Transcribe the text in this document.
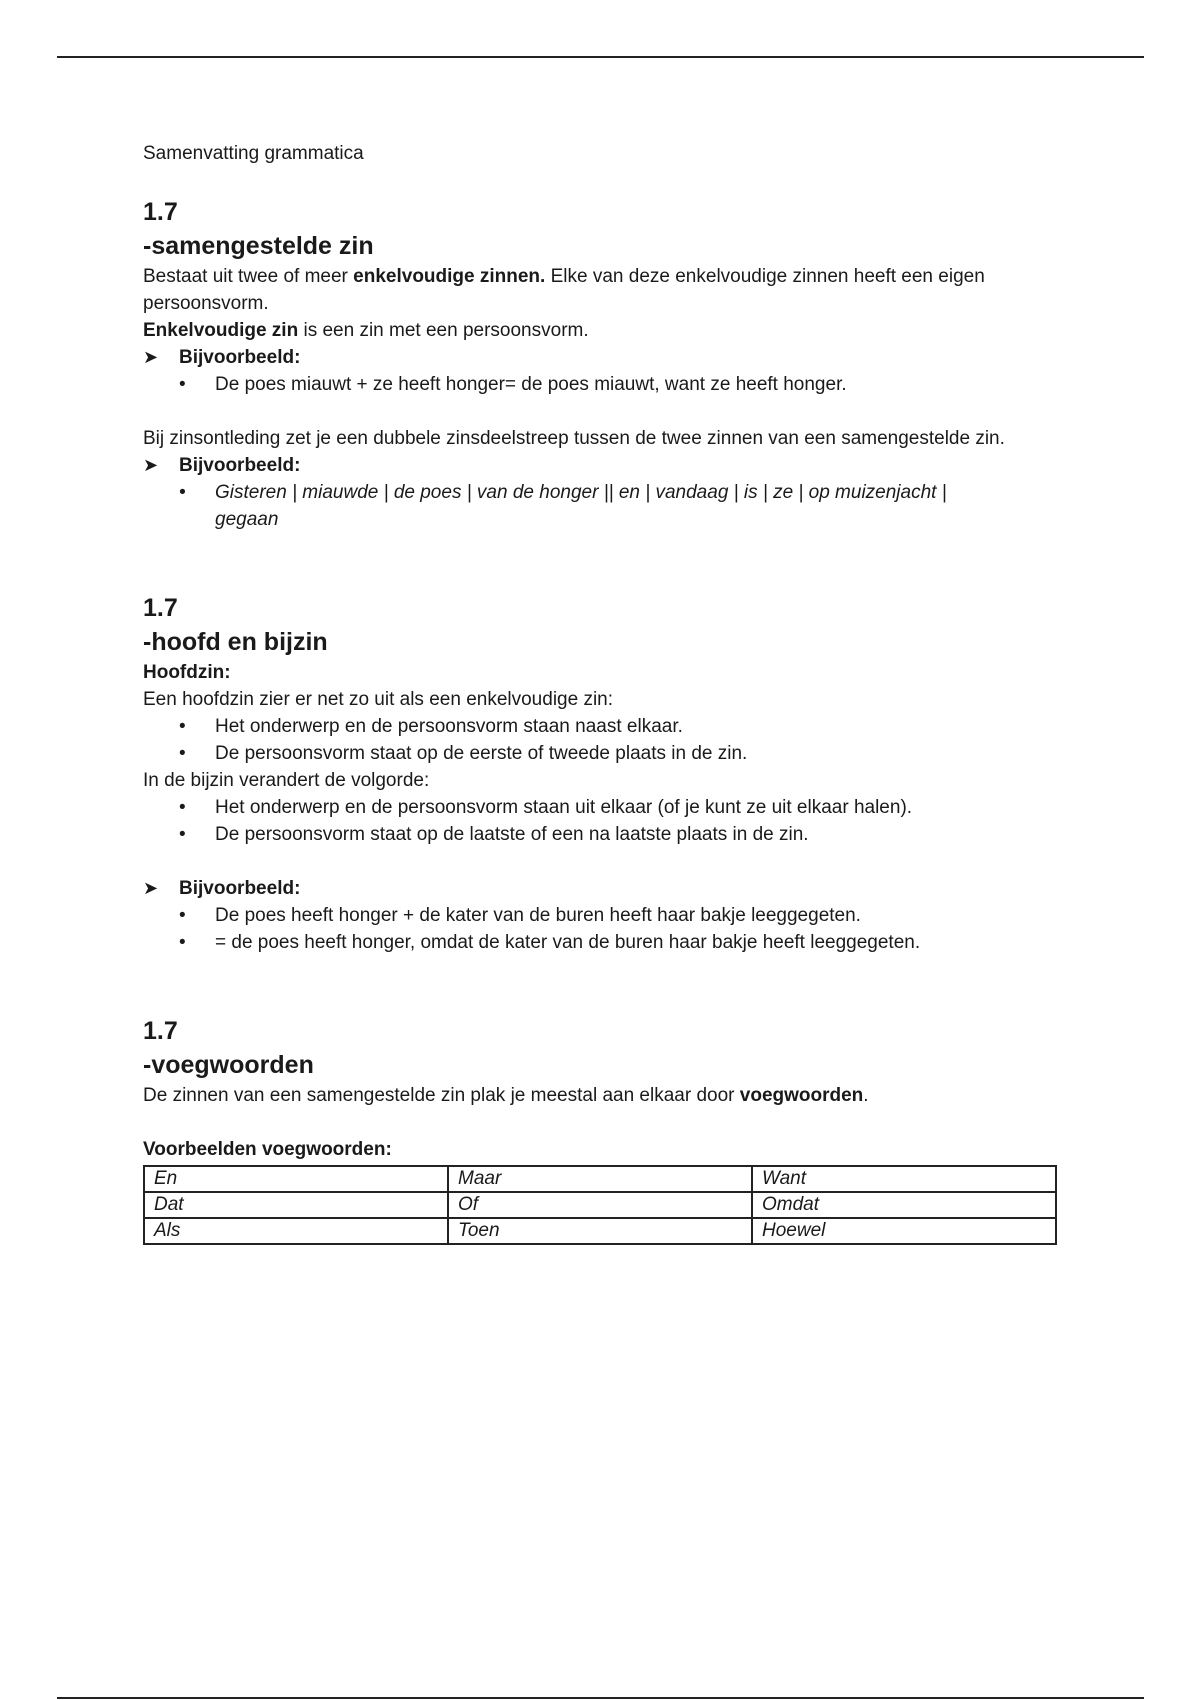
Samenvatting grammatica
1.7
-samengestelde zin

Bestaat uit twee of meer enkelvoudige zinnen. Elke van deze enkelvoudige zinnen heeft een eigen persoonsvorm.

Enkelvoudige zin is een zin met een persoonsvorm.

➤	Bijvoorbeeld:
• De poes miauwt + ze heeft honger= de poes miauwt, want ze heeft honger.

Bij zinsontleding zet je een dubbele zinsdeelstreep tussen de twee zinnen van een samengestelde zin.

➤	Bijvoorbeeld:
• Gisteren | miauwde | de poes | van de honger || en | vandaag | is | ze | op muizenjacht | gegaan
1.7
-hoofd en bijzin

Hoofdzin:

Een hoofdzin zier er net zo uit als een enkelvoudige zin:

• Het onderwerp en de persoonsvorm staan naast elkaar.
• De persoonsvorm staat op de eerste of tweede plaats in de zin.

In de bijzin verandert de volgorde:

• Het onderwerp en de persoonsvorm staan uit elkaar (of je kunt ze uit elkaar halen).
• De persoonsvorm staat op de laatste of een na laatste plaats in de zin.
➤	Bijvoorbeeld:
• De poes heeft honger + de kater van de buren heeft haar bakje leeggegeten.
• = de poes heeft honger, omdat de kater van de buren haar bakje heeft leeggegeten.
1.7
-voegwoorden

De zinnen van een samengestelde zin plak je meestal aan elkaar door voegwoorden.

Voorbeelden voegwoorden:

En	Maar	Want
Dat	Of	Omdat
Als	Toen	Hoewel
